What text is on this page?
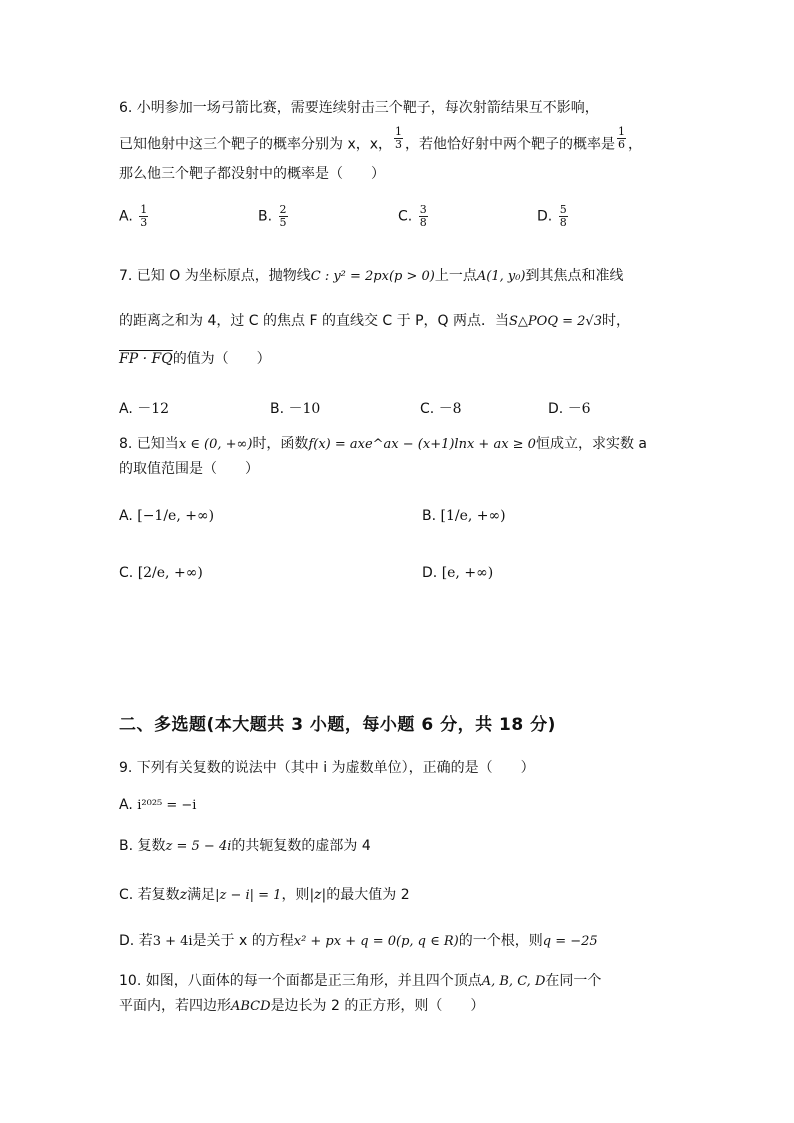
6. 小明参加一场弓箭比赛，需要连续射击三个靶子，每次射箭结果互不影响，
已知他射中这三个靶子的概率分别为 x，x， $\frac{1}{3}$ ，若他恰好射中两个靶子的概率是 $\frac{1}{6}$ ，
那么他三个靶子都没射中的概率是（　　）
A. $\frac{1}{3}$	B. $\frac{2}{5}$	C. $\frac{3}{8}$	D. $\frac{5}{8}$
7. 已知 O 为坐标原点，抛物线C : y² = 2px(p > 0)上一点A(1, y₀)到其焦点和准线
的距离之和为 4，过 C 的焦点 F 的直线交 C 于 P，Q 两点．当S△POQ = 2√3时，
FP · FQ的值为（　　）
A. －12	B. －10	C. －8	D. －6
8. 已知当x ∈ (0, +∞)时，函数f(x) = axe^ax − (x+1)lnx + ax ≥ 0恒成立，求实数 a
的取值范围是（　　）
A. [−1/e, +∞)	B. [1/e, +∞)
C. [2/e, +∞)	D. [e, +∞)
二、多选题(本大题共 3 小题，每小题 6 分，共 18 分)
9. 下列有关复数的说法中（其中 i 为虚数单位），正确的是（　　）
A. i²⁰²⁵ = −i
B. 复数z = 5 − 4i的共轭复数的虚部为 4
C. 若复数z满足|z − i| = 1，则|z|的最大值为 2
D. 若3 + 4i是关于 x 的方程x² + px + q = 0(p, q ∈ R)的一个根，则q = −25
10. 如图，八面体的每一个面都是正三角形，并且四个顶点A, B, C, D在同一个
平面内，若四边形ABCD是边长为 2 的正方形，则（　　）
